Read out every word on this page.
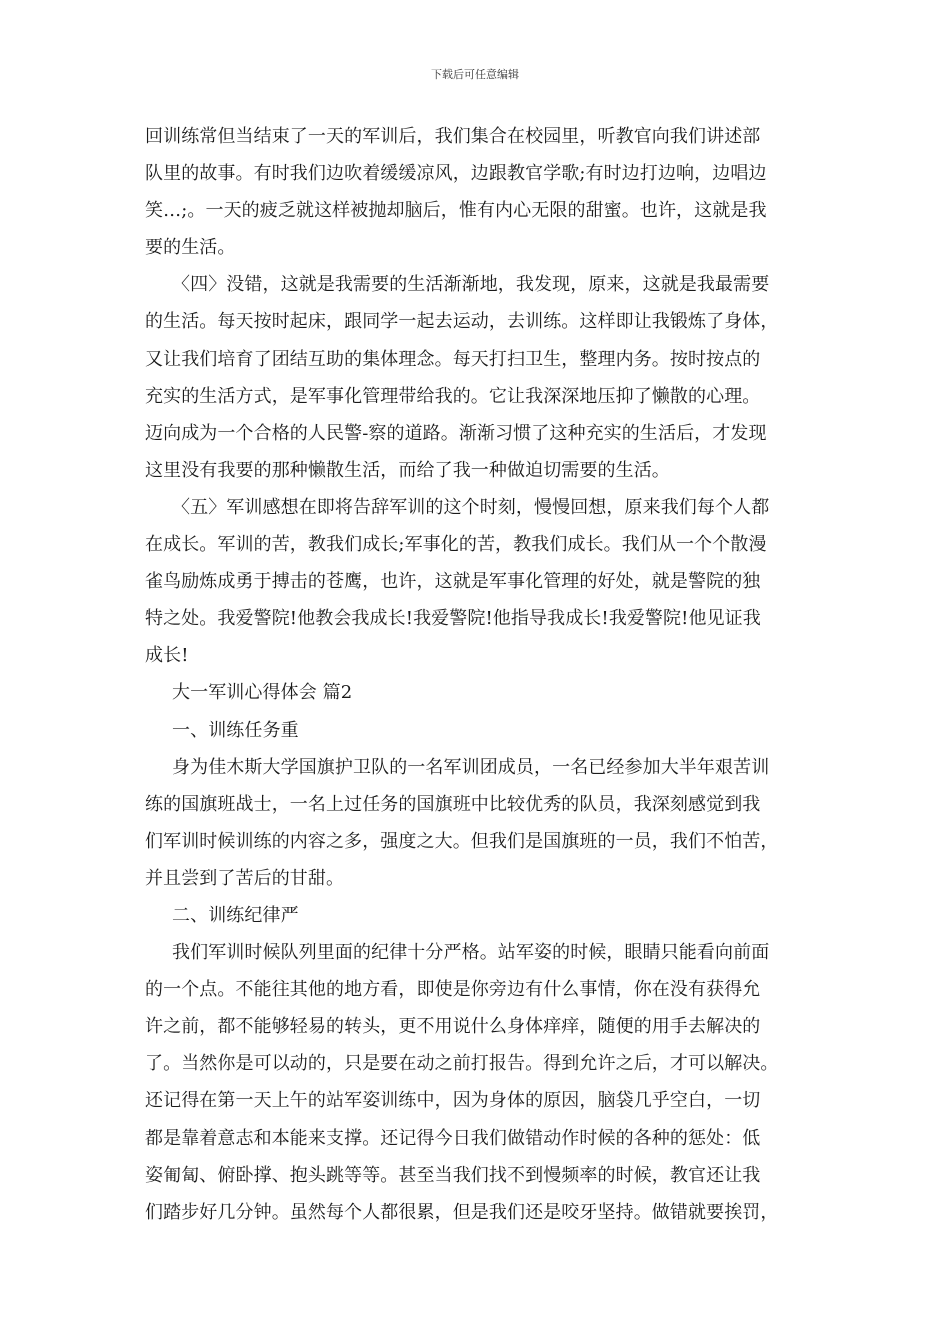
下载后可任意编辑
回训练常但当结束了一天的军训后，我们集合在校园里，听教官向我们讲述部
队里的故事。有时我们边吹着缓缓凉风，边跟教官学歌;有时边打边响，边唱边
笑…;。一天的疲乏就这样被抛却脑后，惟有内心无限的甜蜜。也许，这就是我
要的生活。
〈四〉没错，这就是我需要的生活渐渐地，我发现，原来，这就是我最需要
的生活。每天按时起床，跟同学一起去运动，去训练。这样即让我锻炼了身体，
又让我们培育了团结互助的集体理念。每天打扫卫生，整理内务。按时按点的
充实的生活方式，是军事化管理带给我的。它让我深深地压抑了懒散的心理。
迈向成为一个合格的人民警-察的道路。渐渐习惯了这种充实的生活后，才发现
这里没有我要的那种懒散生活，而给了我一种做迫切需要的生活。
〈五〉军训感想在即将告辞军训的这个时刻，慢慢回想，原来我们每个人都
在成长。军训的苦，教我们成长;军事化的苦，教我们成长。我们从一个个散漫
雀鸟励炼成勇于搏击的苍鹰，也许，这就是军事化管理的好处，就是警院的独
特之处。我爱警院!他教会我成长!我爱警院!他指导我成长!我爱警院!他见证我
成长!
大一军训心得体会 篇2
一、训练任务重
身为佳木斯大学国旗护卫队的一名军训团成员，一名已经参加大半年艰苦训
练的国旗班战士，一名上过任务的国旗班中比较优秀的队员，我深刻感觉到我
们军训时候训练的内容之多，强度之大。但我们是国旗班的一员，我们不怕苦，
并且尝到了苦后的甘甜。
二、训练纪律严
我们军训时候队列里面的纪律十分严格。站军姿的时候，眼睛只能看向前面
的一个点。不能往其他的地方看，即使是你旁边有什么事情，你在没有获得允
许之前，都不能够轻易的转头，更不用说什么身体痒痒，随便的用手去解决的
了。当然你是可以动的，只是要在动之前打报告。得到允许之后，才可以解决。
还记得在第一天上午的站军姿训练中，因为身体的原因，脑袋几乎空白，一切
都是靠着意志和本能来支撑。还记得今日我们做错动作时候的各种的惩处：低
姿匍匐、俯卧撑、抱头跳等等。甚至当我们找不到慢频率的时候，教官还让我
们踏步好几分钟。虽然每个人都很累，但是我们还是咬牙坚持。做错就要挨罚，
